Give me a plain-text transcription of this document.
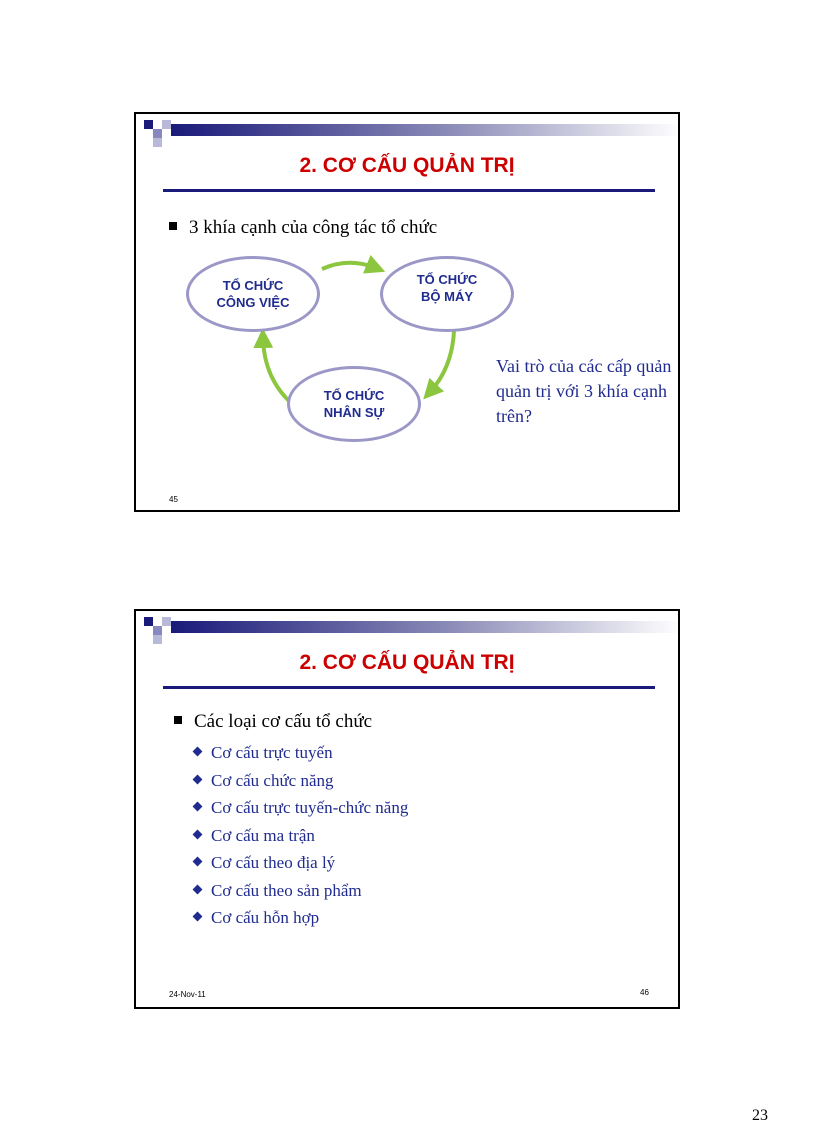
2. CƠ CẤU QUẢN TRỊ
3 khía cạnh của công tác tổ chức
TỔ CHỨC
CÔNG VIỆC
TỔ CHỨC
BỘ MÁY
TỔ CHỨC
NHÂN SỰ
Vai trò của các cấp quản quản trị với 3 khía cạnh trên?
45
2. CƠ CẤU QUẢN TRỊ
Các loại cơ cấu tổ chức
Cơ cấu trực tuyến
Cơ cấu chức năng
Cơ cấu trực tuyến-chức năng
Cơ cấu ma trận
Cơ cấu theo địa lý
Cơ cấu theo sản phẩm
Cơ cấu hỗn hợp
24-Nov-11	46
23
